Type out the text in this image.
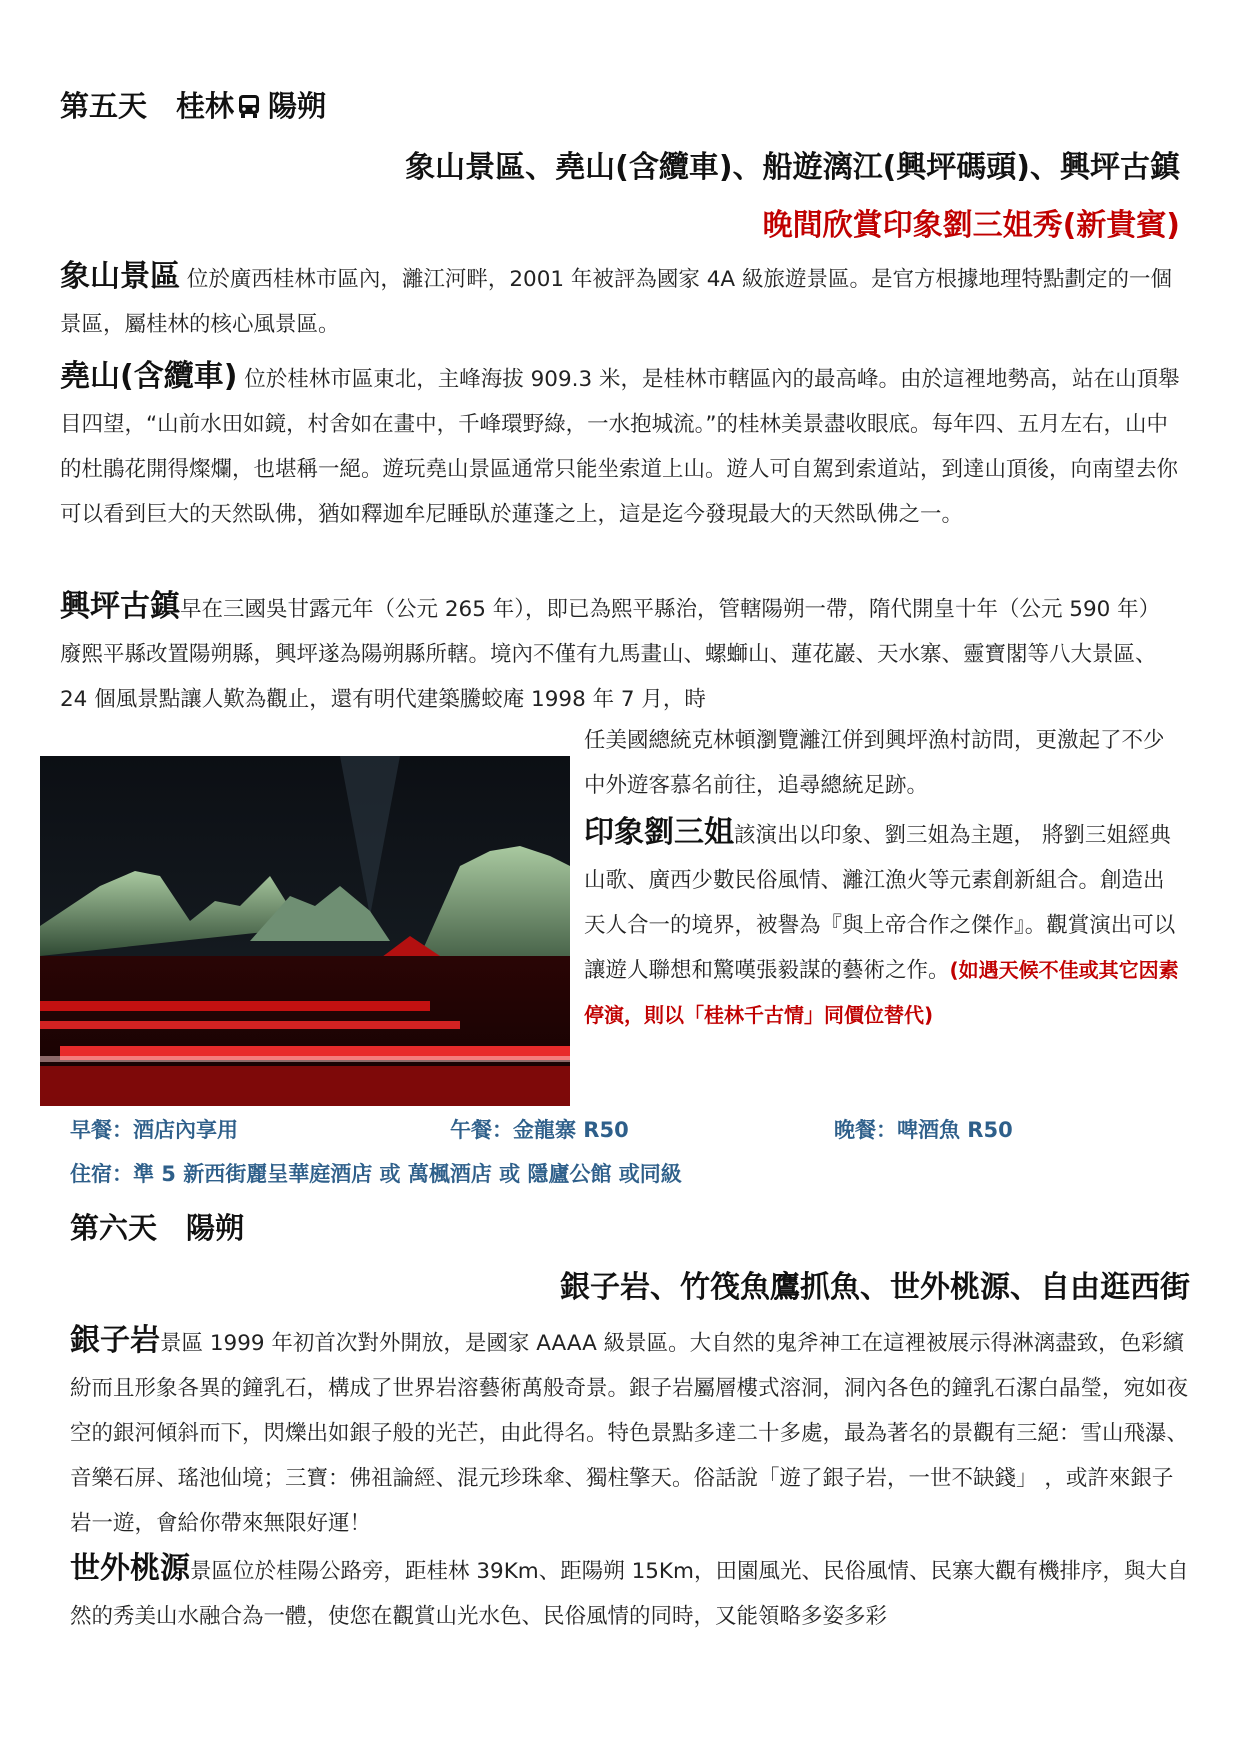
第五天　桂林 陽朔
象山景區、堯山(含纜車)、船遊漓江(興坪碼頭)、興坪古鎮
晚間欣賞印象劉三姐秀(新貴賓)
象山景區 位於廣西桂林市區內，灕江河畔，2001 年被評為國家 4A 級旅遊景區。是官方根據地理特點劃定的一個景區，屬桂林的核心風景區。
堯山(含纜車) 位於桂林市區東北，主峰海拔 909.3 米，是桂林市轄區內的最高峰。由於這裡地勢高，站在山頂舉目四望，“山前水田如鏡，村舍如在畫中，千峰環野綠，一水抱城流。”的桂林美景盡收眼底。每年四、五月左右，山中的杜鵑花開得燦爛，也堪稱一絕。遊玩堯山景區通常只能坐索道上山。遊人可自駕到索道站，到達山頂後，向南望去你可以看到巨大的天然臥佛，猶如釋迦牟尼睡臥於蓮蓬之上，這是迄今發現最大的天然臥佛之一。
興坪古鎮早在三國吳甘露元年（公元 265 年），即已為熙平縣治，管轄陽朔一帶，隋代開皇十年（公元 590 年）廢熙平縣改置陽朔縣，興坪遂為陽朔縣所轄。境內不僅有九馬畫山、螺螄山、蓮花巖、天水寨、靈寶閣等八大景區、24 個風景點讓人歎為觀止，還有明代建築騰蛟庵 1998 年 7 月，時
任美國總統克林頓瀏覽灕江併到興坪漁村訪問，更激起了不少中外遊客慕名前往，追尋總統足跡。
印象劉三姐該演出以印象、劉三姐為主題， 將劉三姐經典山歌、廣西少數民俗風情、灕江漁火等元素創新組合。創造出天人合一的境界，被譽為『與上帝合作之傑作』。觀賞演出可以讓遊人聯想和驚嘆張毅謀的藝術之作。(如遇天候不佳或其它因素停演，則以「桂林千古情」同價位替代)
早餐：酒店內享用	午餐：金龍寨 R50	晚餐：啤酒魚 R50
住宿：準 5 新西街麗呈華庭酒店 或 萬楓酒店 或 隱廬公館 或同級
第六天　陽朔
銀子岩、竹筏魚鷹抓魚、世外桃源、自由逛西街
銀子岩景區 1999 年初首次對外開放，是國家 AAAA 級景區。大自然的鬼斧神工在這裡被展示得淋漓盡致，色彩繽紛而且形象各異的鐘乳石，構成了世界岩溶藝術萬般奇景。銀子岩屬層樓式溶洞，洞內各色的鐘乳石潔白晶瑩，宛如夜空的銀河傾斜而下，閃爍出如銀子般的光芒，由此得名。特色景點多達二十多處，最為著名的景觀有三絕：雪山飛瀑、音樂石屏、瑤池仙境；三寶：佛祖論經、混元珍珠傘、獨柱擎天。俗話說「遊了銀子岩，一世不缺錢」 ，或許來銀子岩一遊，會給你帶來無限好運！
世外桃源景區位於桂陽公路旁，距桂林 39Km、距陽朔 15Km，田園風光、民俗風情、民寨大觀有機排序，與大自然的秀美山水融合為一體，使您在觀賞山光水色、民俗風情的同時，又能領略多姿多彩
